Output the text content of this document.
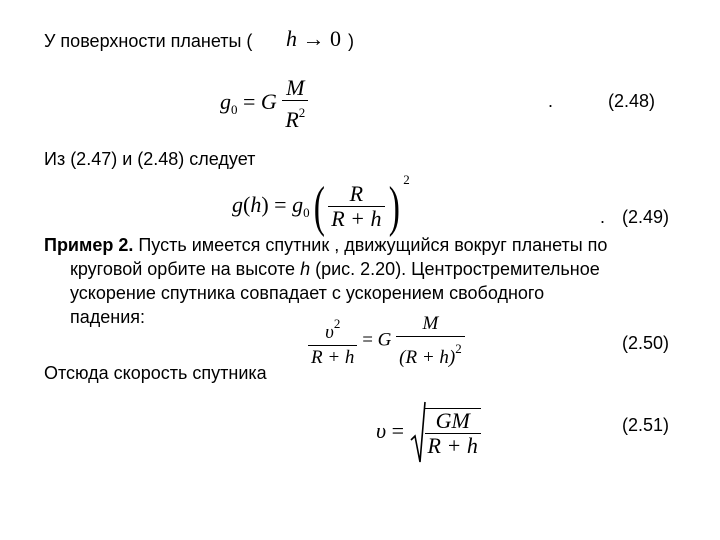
У поверхности планеты ( h → 0 )
$g_0 = G \frac{M}{R^2}$	.	(2.48)
Из (2.47) и (2.48) следует
$g(h) = g_0( \frac{R}{R + h}$ ) $^2$
. (2.49)
Пример 2. Пусть имеется спутник , движущийся вокруг планеты по
круговой орбите на высоте h (рис. 2.20). Центростремительное
ускорение спутника совпадает с ускорением свободного
падения:	$\frac{\upsilon^2}{R + h} = G \frac{M}{(R + h)^2}$	(2.50)
Отсюда скорость спутника
$\upsilon = \frac{GM}{R + h}$	(2.51)
